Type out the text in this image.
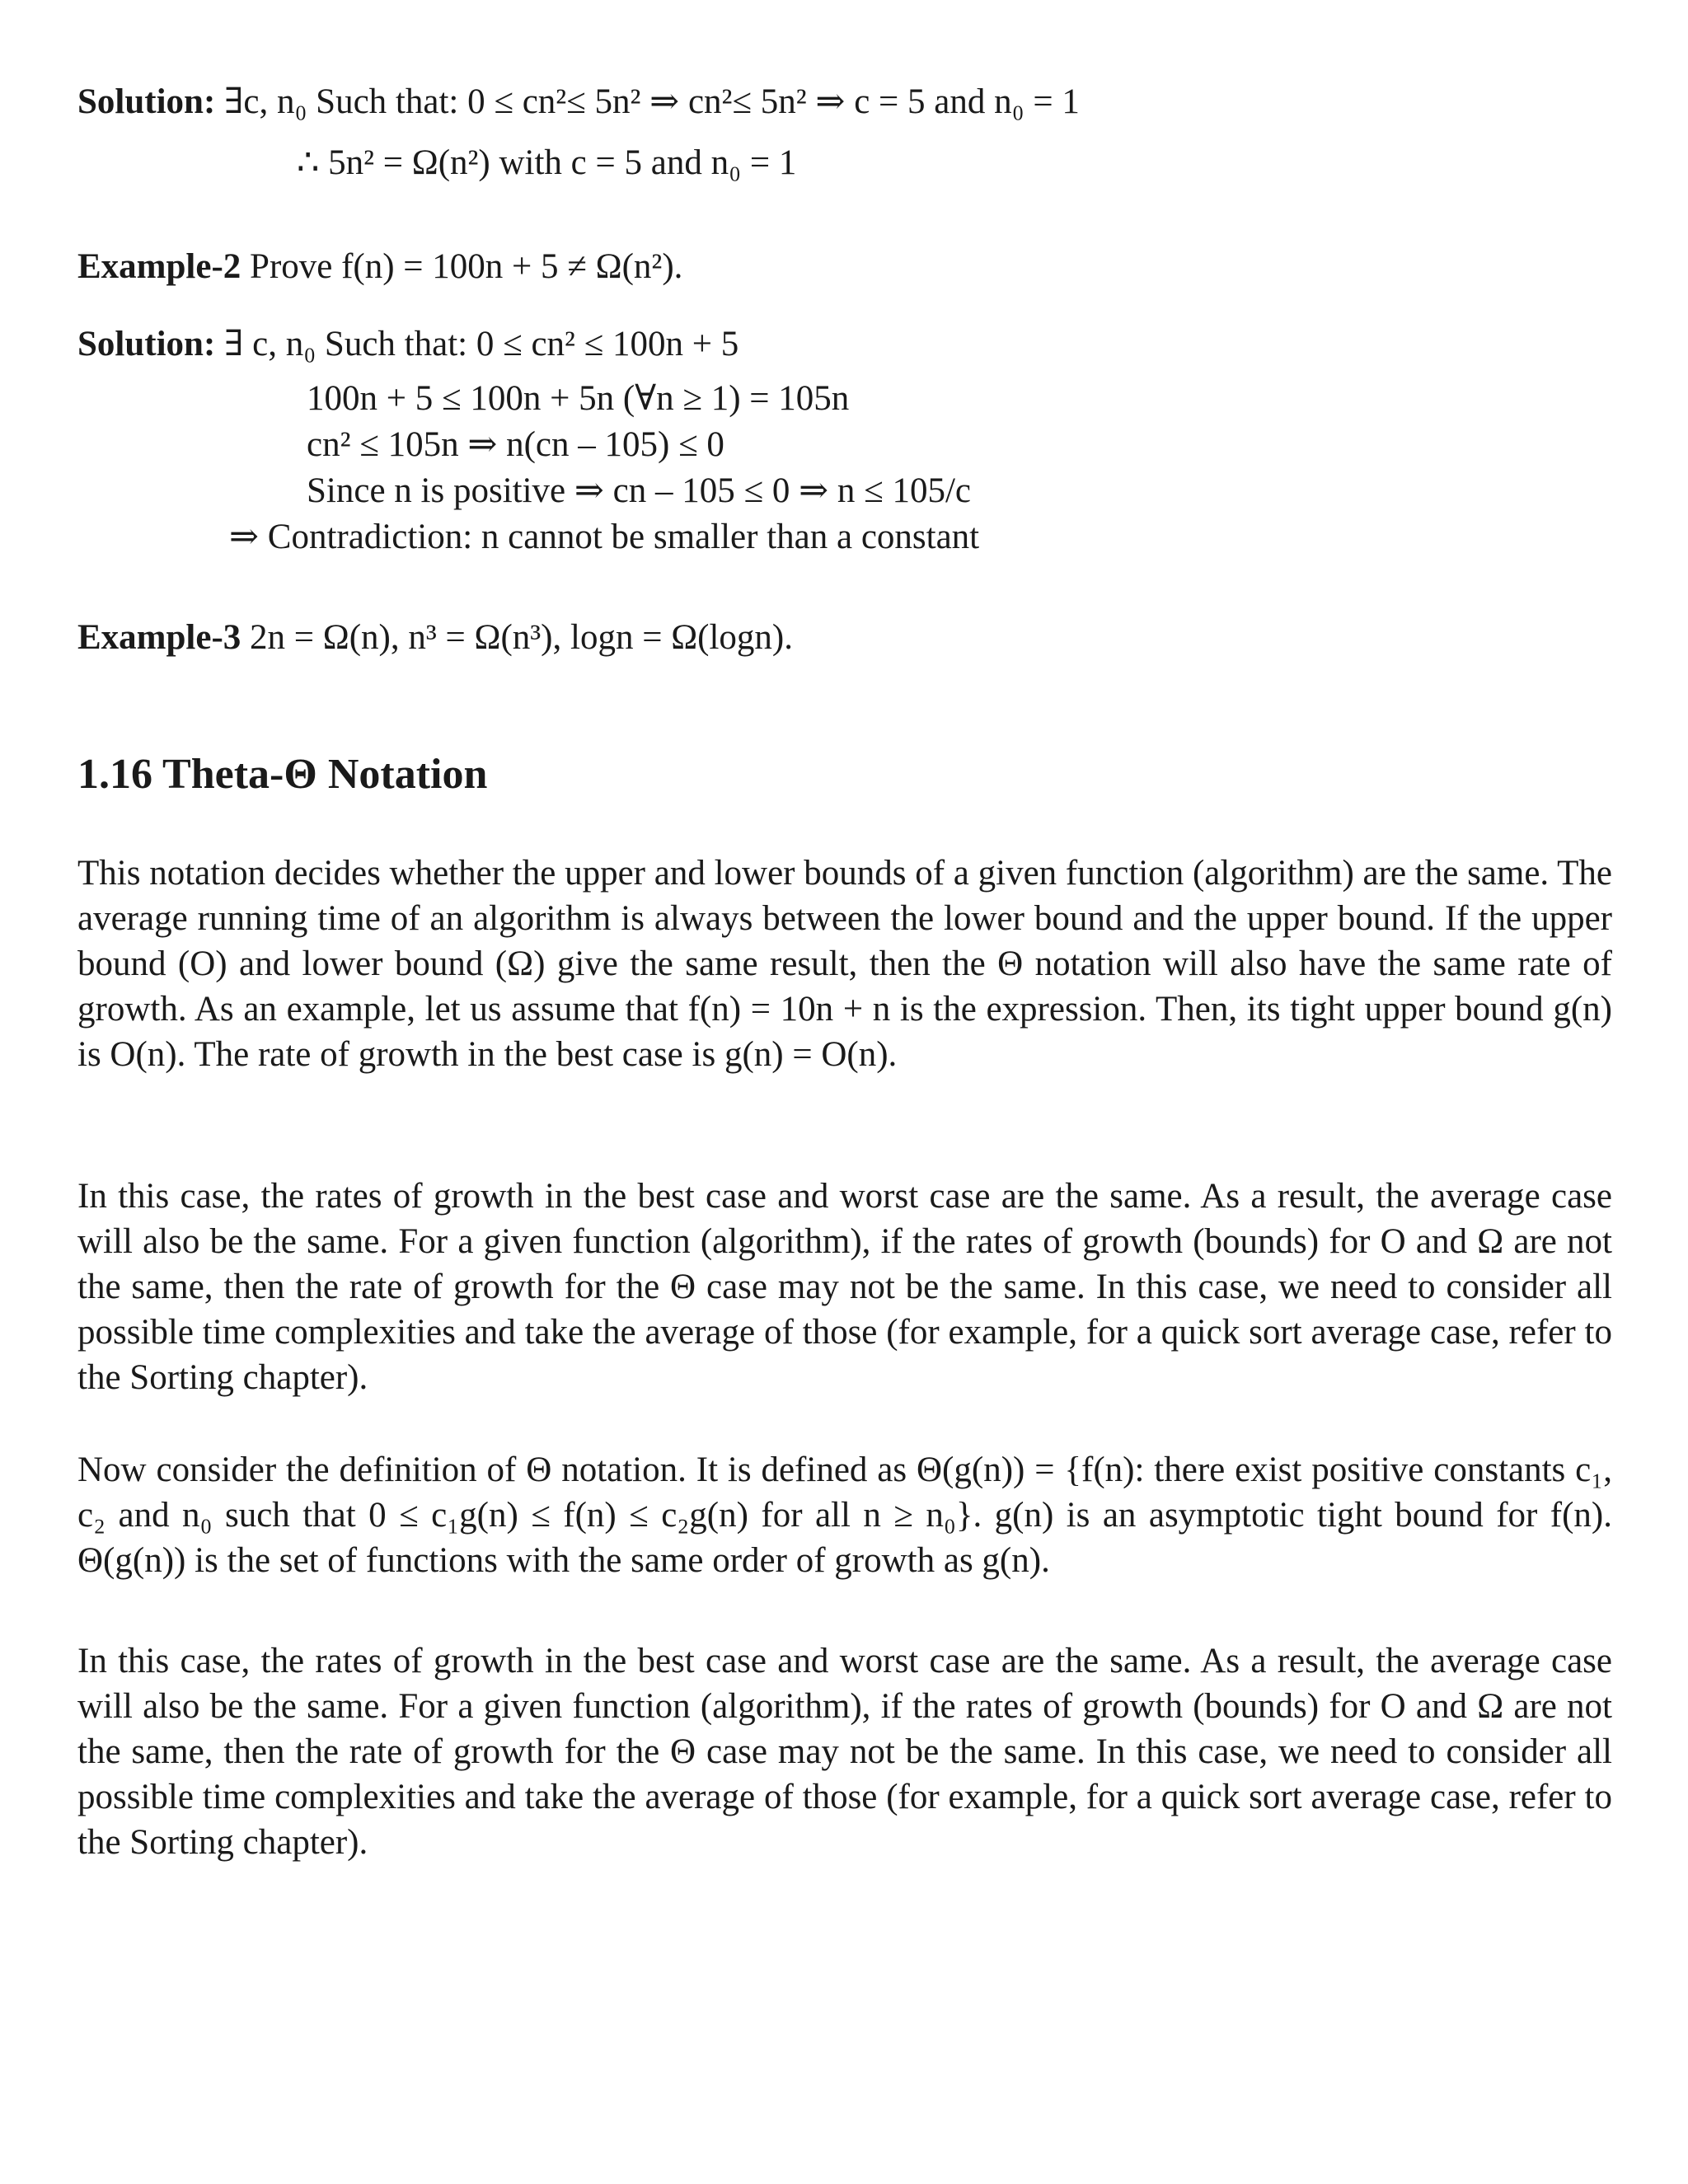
Solution: ∃c, n₀ Such that: 0 ≤ cn²≤ 5n² ⇒ cn²≤ 5n² ⇒ c = 5 and n₀ = 1
∴ 5n² = Ω(n²) with c = 5 and n₀ = 1
Example-2 Prove f(n) = 100n + 5 ≠ Ω(n²).
Solution: ∃ c, n₀ Such that: 0 ≤ cn² ≤ 100n + 5
100n + 5 ≤ 100n + 5n (∀n ≥ 1) = 105n
cn² ≤ 105n ⇒ n(cn – 105) ≤ 0
Since n is positive ⇒ cn – 105 ≤ 0 ⇒ n ≤ 105/c
⇒ Contradiction: n cannot be smaller than a constant
Example-3 2n = Ω(n), n³ = Ω(n³), logn = Ω(logn).
1.16 Theta-Θ Notation
This notation decides whether the upper and lower bounds of a given function (algorithm) are the same. The average running time of an algorithm is always between the lower bound and the upper bound. If the upper bound (O) and lower bound (Ω) give the same result, then the Θ notation will also have the same rate of growth. As an example, let us assume that f(n) = 10n + n is the expression. Then, its tight upper bound g(n) is O(n). The rate of growth in the best case is g(n) = O(n).
In this case, the rates of growth in the best case and worst case are the same. As a result, the average case will also be the same. For a given function (algorithm), if the rates of growth (bounds) for O and Ω are not the same, then the rate of growth for the Θ case may not be the same. In this case, we need to consider all possible time complexities and take the average of those (for example, for a quick sort average case, refer to the Sorting chapter).
Now consider the definition of Θ notation. It is defined as Θ(g(n)) = {f(n): there exist positive constants c₁, c₂ and n₀ such that 0 ≤ c₁g(n) ≤ f(n) ≤ c₂g(n) for all n ≥ n₀}. g(n) is an asymptotic tight bound for f(n). Θ(g(n)) is the set of functions with the same order of growth as g(n).
In this case, the rates of growth in the best case and worst case are the same. As a result, the average case will also be the same. For a given function (algorithm), if the rates of growth (bounds) for O and Ω are not the same, then the rate of growth for the Θ case may not be the same. In this case, we need to consider all possible time complexities and take the average of those (for example, for a quick sort average case, refer to the Sorting chapter).
